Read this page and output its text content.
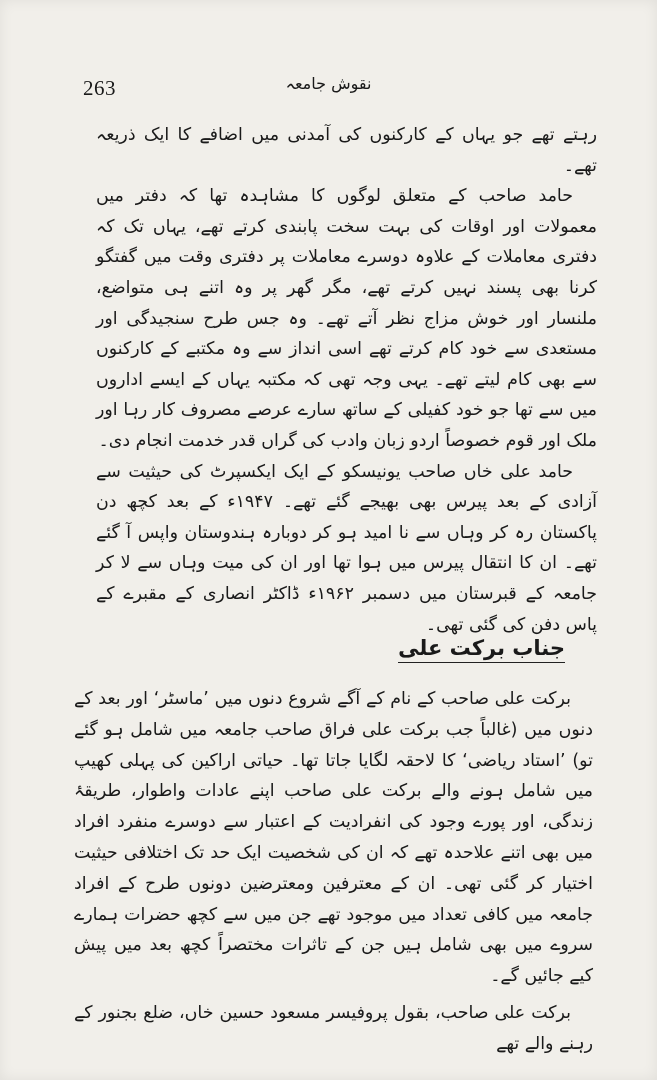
263	نقوش جامعہ

رہتے تھے جو یہاں کے کارکنوں کی آمدنی میں اضافے کا ایک ذریعہ تھے۔

حامد صاحب کے متعلق لوگوں کا مشاہدہ تھا کہ دفتر میں معمولات اور اوقات کی بہت سخت پابندی کرتے تھے، یہاں تک کہ دفتری معاملات کے علاوہ دوسرے معاملات پر دفتری وقت میں گفتگو کرنا بھی پسند نہیں کرتے تھے، مگر گھر پر وہ اتنے ہی متواضع، ملنسار اور خوش مزاج نظر آتے تھے۔ وہ جس طرح سنجیدگی اور مستعدی سے خود کام کرتے تھے اسی انداز سے وہ مکتبے کے کارکنوں سے بھی کام لیتے تھے۔ یہی وجہ تھی کہ مکتبہ یہاں کے ایسے اداروں میں سے تھا جو خود کفیلی کے ساتھ سارے عرصے مصروف کار رہا اور ملک اور قوم خصوصاً اردو زبان وادب کی گراں قدر خدمت انجام دی۔

حامد علی خاں صاحب یونیسکو کے ایک ایکسپرٹ کی حیثیت سے آزادی کے بعد پیرس بھی بھیجے گئے تھے۔ ۱۹۴۷ء کے بعد کچھ دن پاکستان رہ کر وہاں سے نا امید ہو کر دوبارہ ہندوستان واپس آ گئے تھے۔ ان کا انتقال پیرس میں ہوا تھا اور ان کی میت وہاں سے لا کر جامعہ کے قبرستان میں دسمبر ۱۹۶۲ء ڈاکٹر انصاری کے مقبرے کے پاس دفن کی گئی تھی۔

جناب برکت علی

برکت علی صاحب کے نام کے آگے شروع دنوں میں ’ماسٹر‘ اور بعد کے دنوں میں (غالباً جب برکت علی فراق صاحب جامعہ میں شامل ہو گئے تو) ’استاد ریاضی‘ کا لاحقہ لگایا جاتا تھا۔ حیاتی اراکین کی پہلی کھیپ میں شامل ہونے والے برکت علی صاحب اپنے عادات واطوار، طریقۂ زندگی، اور پورے وجود کی انفرادیت کے اعتبار سے دوسرے منفرد افراد میں بھی اتنے علاحدہ تھے کہ ان کی شخصیت ایک حد تک اختلافی حیثیت اختیار کر گئی تھی۔ ان کے معترفین ومعترضین دونوں طرح کے افراد جامعہ میں کافی تعداد میں موجود تھے جن میں سے کچھ حضرات ہمارے سروے میں بھی شامل ہیں جن کے تاثرات مختصراً کچھ بعد میں پیش کیے جائیں گے۔

برکت علی صاحب، بقول پروفیسر مسعود حسین خاں، ضلع بجنور کے رہنے والے تھے
